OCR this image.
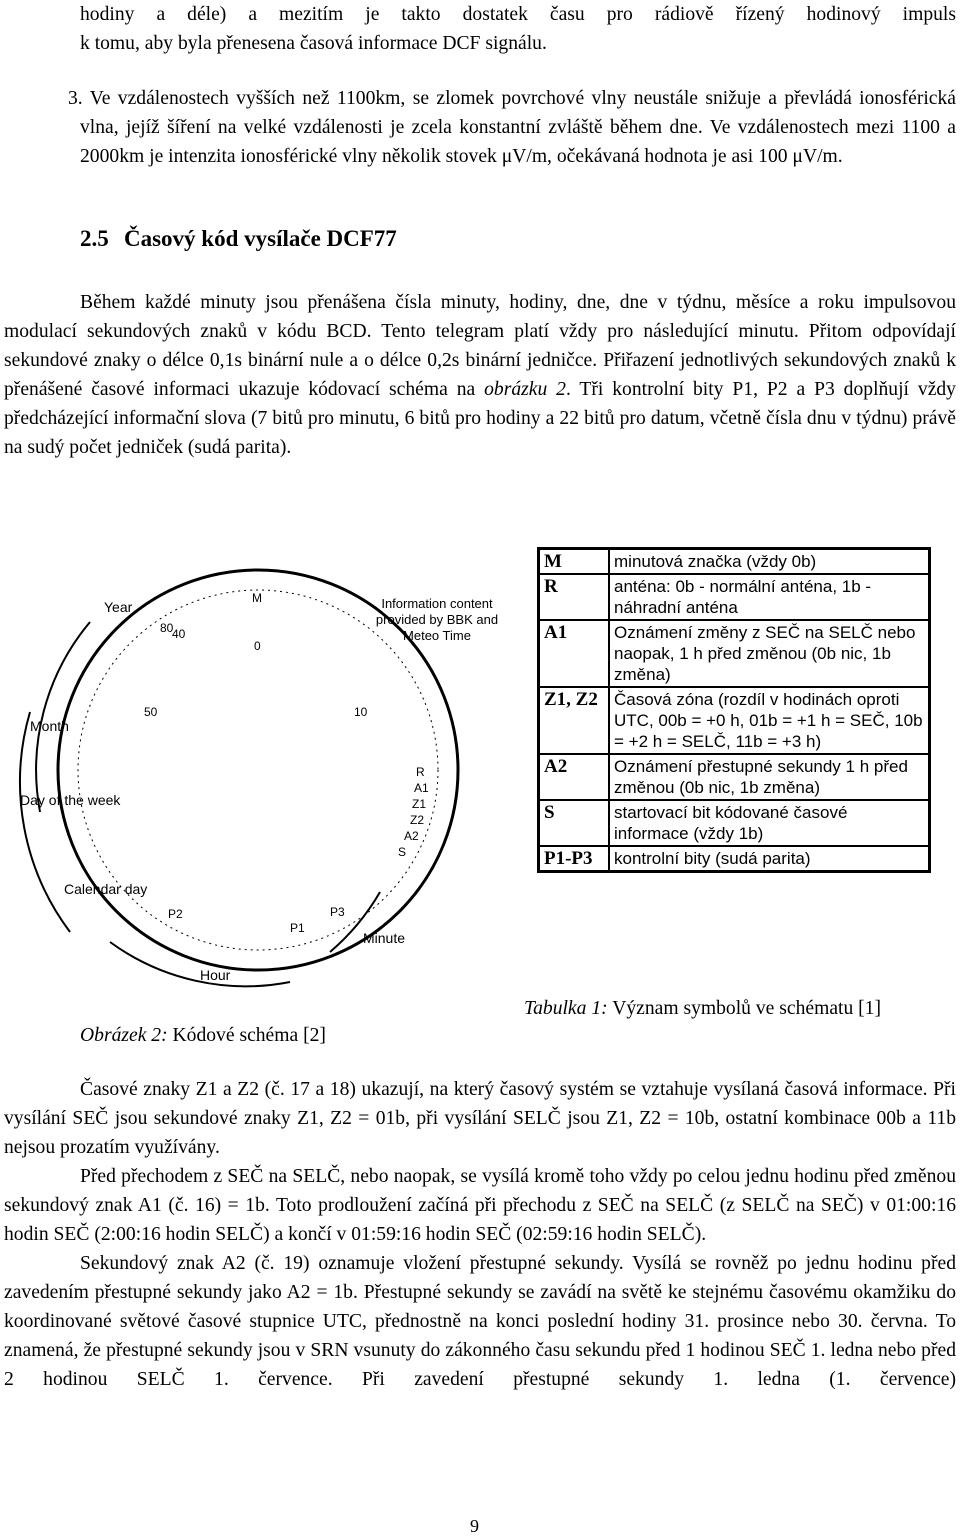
hodiny a déle) a mezitím je takto dostatek času pro rádiově řízený hodinový impuls
k tomu, aby byla přenesena časová informace DCF signálu.
3. Ve vzdálenostech vyšších než 1100km, se zlomek povrchové vlny neustále snižuje a převládá ionosférická vlna, jejíž šíření na velké vzdálenosti je zcela konstantní zvláště během dne. Ve vzdálenostech mezi 1100 a 2000km je intenzita ionosférické vlny několik stovek μV/m, očekávaná hodnota je asi 100 μV/m.
2.5 Časový kód vysílače DCF77
Během každé minuty jsou přenášena čísla minuty, hodiny, dne, dne v týdnu, měsíce a roku impulsovou modulací sekundových znaků v kódu BCD. Tento telegram platí vždy pro následující minutu. Přitom odpovídají sekundové znaky o délce 0,1s binární nule a o délce 0,2s binární jedničce. Přiřazení jednotlivých sekundových znaků k přenášené časové informaci ukazuje kódovací schéma na obrázku 2. Tři kontrolní bity P1, P2 a P3 doplňují vždy předcházející informační slova (7 bitů pro minutu, 6 bitů pro hodiny a 22 bitů pro datum, včetně čísla dnu v týdnu) právě na sudý počet jedniček (sudá parita).
Year
Month
Day of the week
Calendar day
Hour
Minute
Information content provided by BBK and Meteo Time
M
0
10
R
A1
Z1
Z2
A2
S
P3
P1
P2
50
80
40
M	minutová značka (vždy 0b)
R	anténa: 0b - normální anténa, 1b - náhradní anténa
A1	Oznámení změny z SEČ na SELČ nebo naopak, 1 h před změnou (0b nic, 1b změna)
Z1, Z2	Časová zóna (rozdíl v hodinách oproti UTC, 00b = +0 h, 01b = +1 h = SEČ, 10b = +2 h = SELČ, 11b = +3 h)
A2	Oznámení přestupné sekundy 1 h před změnou (0b nic, 1b změna)
S	startovací bit kódované časové informace (vždy 1b)
P1-P3	kontrolní bity (sudá parita)
Tabulka 1: Význam symbolů ve schématu [1]
Obrázek 2: Kódové schéma [2]
Časové znaky Z1 a Z2 (č. 17 a 18) ukazují, na který časový systém se vztahuje vysílaná časová informace. Při vysílání SEČ jsou sekundové znaky Z1, Z2 = 01b, při vysílání SELČ jsou Z1, Z2 = 10b, ostatní kombinace 00b a 11b nejsou prozatím využívány.
Před přechodem z SEČ na SELČ, nebo naopak, se vysílá kromě toho vždy po celou jednu hodinu před změnou sekundový znak A1 (č. 16) = 1b. Toto prodloužení začíná při přechodu z SEČ na SELČ (z SELČ na SEČ) v 01:00:16 hodin SEČ (2:00:16 hodin SELČ) a končí v 01:59:16 hodin SEČ (02:59:16 hodin SELČ).
Sekundový znak A2 (č. 19) oznamuje vložení přestupné sekundy. Vysílá se rovněž po jednu hodinu před zavedením přestupné sekundy jako A2 = 1b. Přestupné sekundy se zavádí na světě ke stejnému časovému okamžiku do koordinované světové časové stupnice UTC, přednostně na konci poslední hodiny 31. prosince nebo 30. června. To znamená, že přestupné sekundy jsou v SRN vsunuty do zákonného času sekundu před 1 hodinou SEČ 1. ledna nebo před 2 hodinou SELČ 1. července. Při zavedení přestupné sekundy 1. ledna (1. července)
9
